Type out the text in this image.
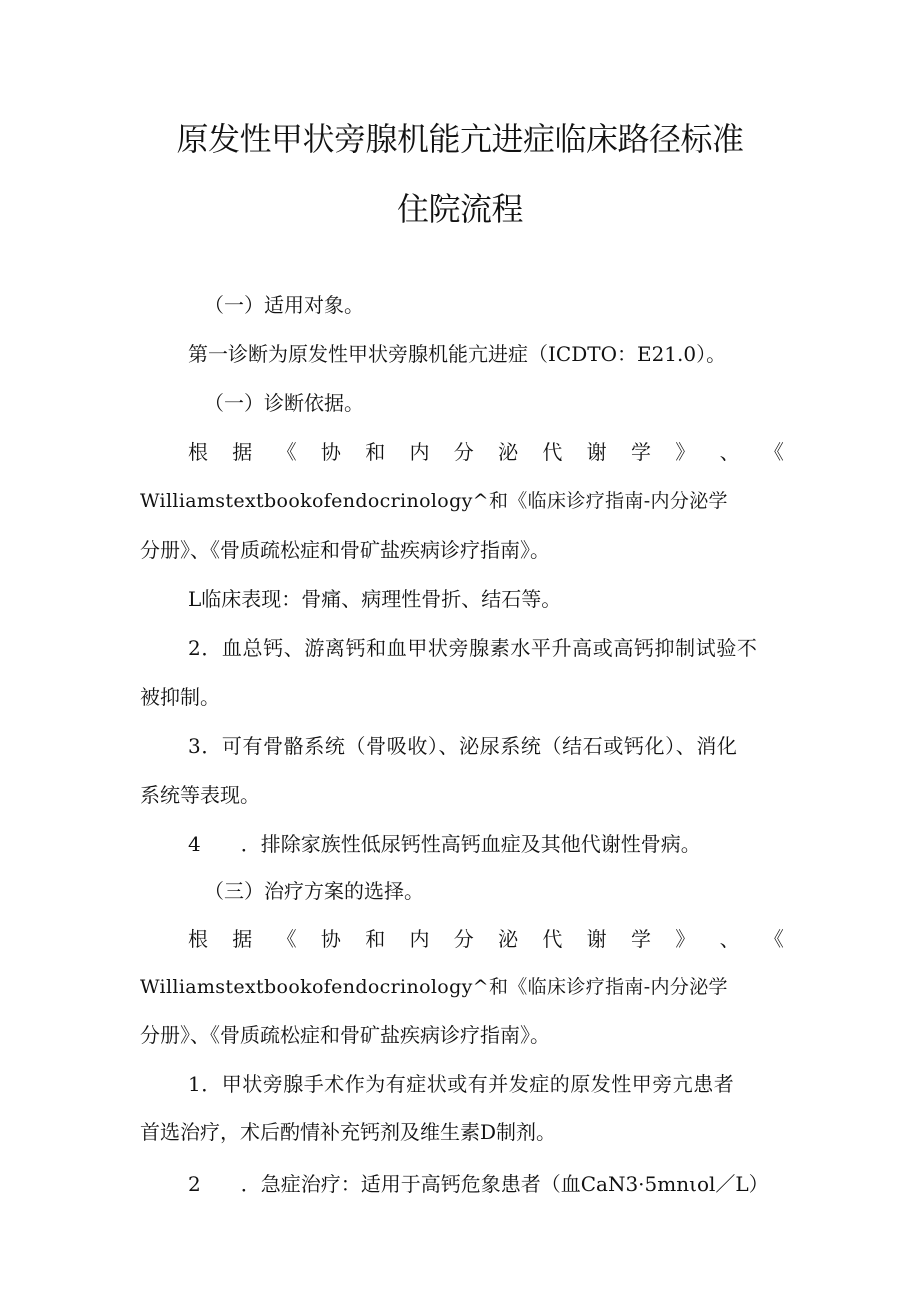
原发性甲状旁腺机能亢进症临床路径标准
住院流程
（一）适用对象。
第一诊断为原发性甲状旁腺机能亢进症（ICDTO：E21.0）。
（一）诊断依据。
根 据 《 协 和 内 分 泌 代 谢 学 》 、 《
Williamstextbookofendocrinology^和《临床诊疗指南-内分泌学
分册》、《骨质疏松症和骨矿盐疾病诊疗指南》。
L临床表现：骨痛、病理性骨折、结石等。
2．血总钙、游离钙和血甲状旁腺素水平升高或高钙抑制试验不
被抑制。
3．可有骨骼系统（骨吸收）、泌尿系统（结石或钙化）、消化
系统等表现。
4　　．排除家族性低尿钙性高钙血症及其他代谢性骨病。
（三）治疗方案的选择。
根 据 《 协 和 内 分 泌 代 谢 学 》 、 《
Williamstextbookofendocrinology^和《临床诊疗指南-内分泌学
分册》、《骨质疏松症和骨矿盐疾病诊疗指南》。
1．甲状旁腺手术作为有症状或有并发症的原发性甲旁亢患者
首选治疗，术后酌情补充钙剂及维生素D制剂。
2　　．急症治疗：适用于高钙危象患者（血CaN3·5mnιol／L）
